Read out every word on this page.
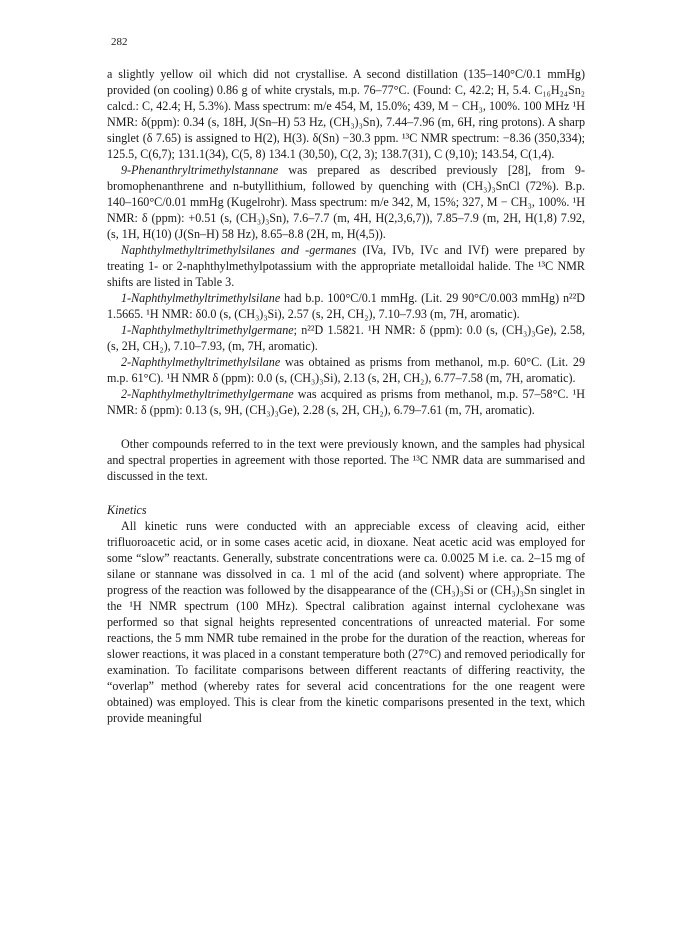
282

a slightly yellow oil which did not crystallise. A second distillation (135–140°C/0.1 mmHg) provided (on cooling) 0.86 g of white crystals, m.p. 76–77°C. (Found: C, 42.2; H, 5.4. C₁₆H₂₄Sn₂ calcd.: C, 42.4; H, 5.3%). Mass spectrum: m/e 454, M, 15.0%; 439, M − CH₃, 100%. 100 MHz ¹H NMR: δ(ppm): 0.34 (s, 18H, J(Sn–H) 53 Hz, (CH₃)₃Sn), 7.44–7.96 (m, 6H, ring protons). A sharp singlet (δ 7.65) is assigned to H(2), H(3). δ(Sn) −30.3 ppm. ¹³C NMR spectrum: −8.36 (350,334); 125.5, C(6,7); 131.1(34), C(5, 8) 134.1 (30,50), C(2, 3); 138.7(31), C (9,10); 143.54, C(1,4).

9-Phenanthryltrimethylstannane was prepared as described previously [28], from 9-bromophenanthrene and n-butyllithium, followed by quenching with (CH₃)₃SnCl (72%). B.p. 140–160°C/0.01 mmHg (Kugelrohr). Mass spectrum: m/e 342, M, 15%; 327, M − CH₃, 100%. ¹H NMR: δ (ppm): +0.51 (s, (CH₃)₃Sn), 7.6–7.7 (m, 4H, H(2,3,6,7)), 7.85–7.9 (m, 2H, H(1,8) 7.92, (s, 1H, H(10) (J(Sn–H) 58 Hz), 8.65–8.8 (2H, m, H(4,5)).

Naphthylmethyltrimethylsilanes and -germanes (IVa, IVb, IVc and IVf) were prepared by treating 1- or 2-naphthylmethylpotassium with the appropriate metalloidal halide. The ¹³C NMR shifts are listed in Table 3.

1-Naphthylmethyltrimethylsilane had b.p. 100°C/0.1 mmHg. (Lit. 29 90°C/0.003 mmHg) n²²D 1.5665. ¹H NMR: δ0.0 (s, (CH₃)₃Si), 2.57 (s, 2H, CH₂), 7.10–7.93 (m, 7H, aromatic).

1-Naphthylmethyltrimethylgermane; n²²D 1.5821. ¹H NMR: δ (ppm): 0.0 (s, (CH₃)₃Ge), 2.58, (s, 2H, CH₂), 7.10–7.93, (m, 7H, aromatic).

2-Naphthylmethyltrimethylsilane was obtained as prisms from methanol, m.p. 60°C. (Lit. 29 m.p. 61°C). ¹H NMR δ (ppm): 0.0 (s, (CH₃)₃Si), 2.13 (s, 2H, CH₂), 6.77–7.58 (m, 7H, aromatic).

2-Naphthylmethyltrimethylgermane was acquired as prisms from methanol, m.p. 57–58°C. ¹H NMR: δ (ppm): 0.13 (s, 9H, (CH₃)₃Ge), 2.28 (s, 2H, CH₂), 6.79–7.61 (m, 7H, aromatic).

Other compounds referred to in the text were previously known, and the samples had physical and spectral properties in agreement with those reported. The ¹³C NMR data are summarised and discussed in the text.

Kinetics

All kinetic runs were conducted with an appreciable excess of cleaving acid, either trifluoroacetic acid, or in some cases acetic acid, in dioxane. Neat acetic acid was employed for some “slow” reactants. Generally, substrate concentrations were ca. 0.0025 M i.e. ca. 2–15 mg of silane or stannane was dissolved in ca. 1 ml of the acid (and solvent) where appropriate. The progress of the reaction was followed by the disappearance of the (CH₃)₃Si or (CH₃)₃Sn singlet in the ¹H NMR spectrum (100 MHz). Spectral calibration against internal cyclohexane was performed so that signal heights represented concentrations of unreacted material. For some reactions, the 5 mm NMR tube remained in the probe for the duration of the reaction, whereas for slower reactions, it was placed in a constant temperature both (27°C) and removed periodically for examination. To facilitate comparisons between different reactants of differing reactivity, the “overlap” method (whereby rates for several acid concentrations for the one reagent were obtained) was employed. This is clear from the kinetic comparisons presented in the text, which provide meaningful
